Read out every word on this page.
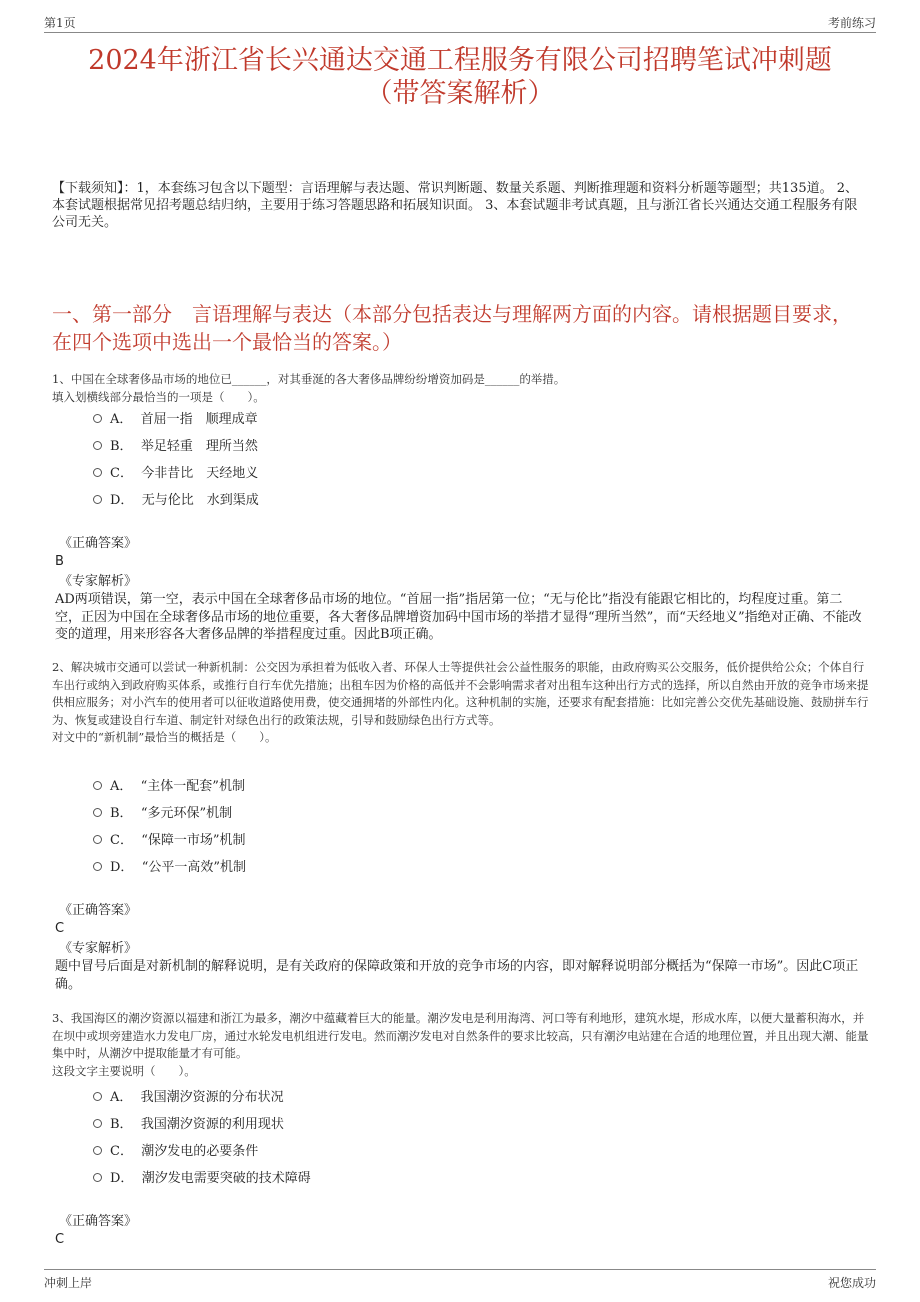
第1页	考前练习
2024年浙江省长兴通达交通工程服务有限公司招聘笔试冲刺题
（带答案解析）
【下载须知】：1，本套练习包含以下题型：言语理解与表达题、常识判断题、数量关系题、判断推理题和资料分析题等题型；共135道。 2、本套试题根据常见招考题总结归纳，主要用于练习答题思路和拓展知识面。 3、本套试题非考试真题，且与浙江省长兴通达交通工程服务有限公司无关。
一、第一部分　言语理解与表达（本部分包括表达与理解两方面的内容。请根据题目要求，在四个选项中选出一个最恰当的答案。）
1、中国在全球奢侈品市场的地位已______，对其垂涎的各大奢侈品牌纷纷增资加码是______的举措。
填入划横线部分最恰当的一项是（　　）。
A．  首屈一指　顺理成章
B．  举足轻重　理所当然
C．  今非昔比　天经地义
D．  无与伦比　水到渠成
《正确答案》
B
《专家解析》
AD两项错误，第一空，表示中国在全球奢侈品市场的地位。“首屈一指”指居第一位；“无与伦比”指没有能跟它相比的，均程度过重。第二空，正因为中国在全球奢侈品市场的地位重要，各大奢侈品牌增资加码中国市场的举措才显得“理所当然”，而“天经地义”指绝对正确、不能改变的道理，用来形容各大奢侈品牌的举措程度过重。因此B项正确。
2、解决城市交通可以尝试一种新机制：公交因为承担着为低收入者、环保人士等提供社会公益性服务的职能，由政府购买公交服务，低价提供给公众；个体自行车出行或纳入到政府购买体系，或推行自行车优先措施；出租车因为价格的高低并不会影响需求者对出租车这种出行方式的选择，所以自然由开放的竞争市场来提供相应服务；对小汽车的使用者可以征收道路使用费，使交通拥堵的外部性内化。这种机制的实施，还要求有配套措施：比如完善公交优先基础设施、鼓励拼车行为、恢复或建设自行车道、制定针对绿色出行的政策法规，引导和鼓励绿色出行方式等。
对文中的“新机制”最恰当的概括是（　　）。
A．  “主体一配套”机制
B．  “多元环保”机制
C．  “保障一市场”机制
D．  “公平一高效”机制
《正确答案》
C
《专家解析》
题中冒号后面是对新机制的解释说明，是有关政府的保障政策和开放的竞争市场的内容，即对解释说明部分概括为“保障一市场”。因此C项正确。
3、我国海区的潮汐资源以福建和浙江为最多，潮汐中蕴藏着巨大的能量。潮汐发电是利用海湾、河口等有利地形，建筑水堤，形成水库，以便大量蓄积海水，并在坝中或坝旁建造水力发电厂房，通过水轮发电机组进行发电。然而潮汐发电对自然条件的要求比较高，只有潮汐电站建在合适的地理位置，并且出现大潮、能量集中时，从潮汐中提取能量才有可能。
这段文字主要说明（　　）。
A．  我国潮汐资源的分布状况
B．  我国潮汐资源的利用现状
C．  潮汐发电的必要条件
D．  潮汐发电需要突破的技术障碍
《正确答案》
C
冲刺上岸	祝您成功
